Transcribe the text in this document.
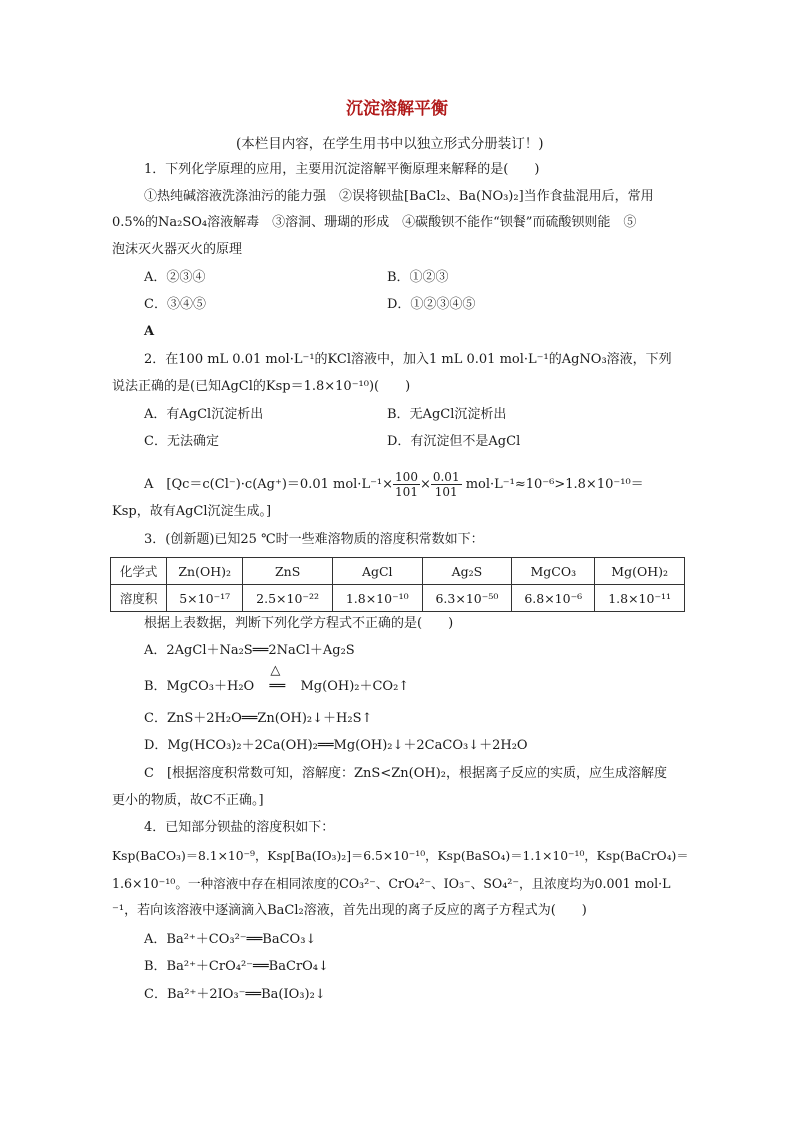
沉淀溶解平衡
(本栏目内容，在学生用书中以独立形式分册装订！)
1．下列化学原理的应用，主要用沉淀溶解平衡原理来解释的是(　　)
①热纯碱溶液洗涤油污的能力强　②误将钡盐[BaCl₂、Ba(NO₃)₂]当作食盐混用后，常用
0.5%的Na₂SO₄溶液解毒　③溶洞、珊瑚的形成　④碳酸钡不能作“钡餐”而硫酸钡则能　⑤
泡沫灭火器灭火的原理
A．②③④	B．①②③
C．③④⑤	D．①②③④⑤
A
2．在100 mL 0.01 mol·L⁻¹的KCl溶液中，加入1 mL 0.01 mol·L⁻¹的AgNO₃溶液，下列
说法正确的是(已知AgCl的Ksp＝1.8×10⁻¹⁰)(　　)
A．有AgCl沉淀析出	B．无AgCl沉淀析出
C．无法确定	D．有沉淀但不是AgCl
A　[Qc＝c(Cl⁻)·c(Ag⁺)＝0.01 $mol\cdot L^{-1}\times \frac{100}{101} \times \frac{0.01}{101} mol\cdot L^{-1}\approx 10^{-6}>1.8\times 10^{-10}=$
Ksp，故有AgCl沉淀生成。]
3．(创新题)已知25 ℃时一些难溶物质的溶度积常数如下：
化学式	Zn(OH)₂	ZnS	AgCl	Ag₂S	MgCO₃	Mg(OH)₂
溶度积	5×10⁻¹⁷	2.5×10⁻²²	1.8×10⁻¹⁰	6.3×10⁻⁵⁰	6.8×10⁻⁶	1.8×10⁻¹¹
根据上表数据，判断下列化学方程式不正确的是(　　)
A．2AgCl＋Na₂S══2NaCl＋Ag₂S
B．MgCO₃＋H₂O
△
══ Mg(OH)₂＋CO₂↑
C．ZnS＋2H₂O══Zn(OH)₂↓＋H₂S↑
D．Mg(HCO₃)₂＋2Ca(OH)₂══Mg(OH)₂↓＋2CaCO₃↓＋2H₂O
C　[根据溶度积常数可知，溶解度：ZnS<Zn(OH)₂，根据离子反应的实质，应生成溶解度
更小的物质，故C不正确。]
4．已知部分钡盐的溶度积如下：
Ksp(BaCO₃)＝8.1×10⁻⁹，Ksp[Ba(IO₃)₂]＝6.5×10⁻¹⁰，Ksp(BaSO₄)＝1.1×10⁻¹⁰，Ksp(BaCrO₄)＝
1.6×10⁻¹⁰。一种溶液中存在相同浓度的CO₃²⁻、CrO₄²⁻、IO₃⁻、SO₄²⁻，且浓度均为0.001 mol·L
⁻¹，若向该溶液中逐滴滴入BaCl₂溶液，首先出现的离子反应的离子方程式为(　　)
A．Ba²⁺＋CO₃²⁻══BaCO₃↓
B．Ba²⁺＋CrO₄²⁻══BaCrO₄↓
C．Ba²⁺＋2IO₃⁻══Ba(IO₃)₂↓
